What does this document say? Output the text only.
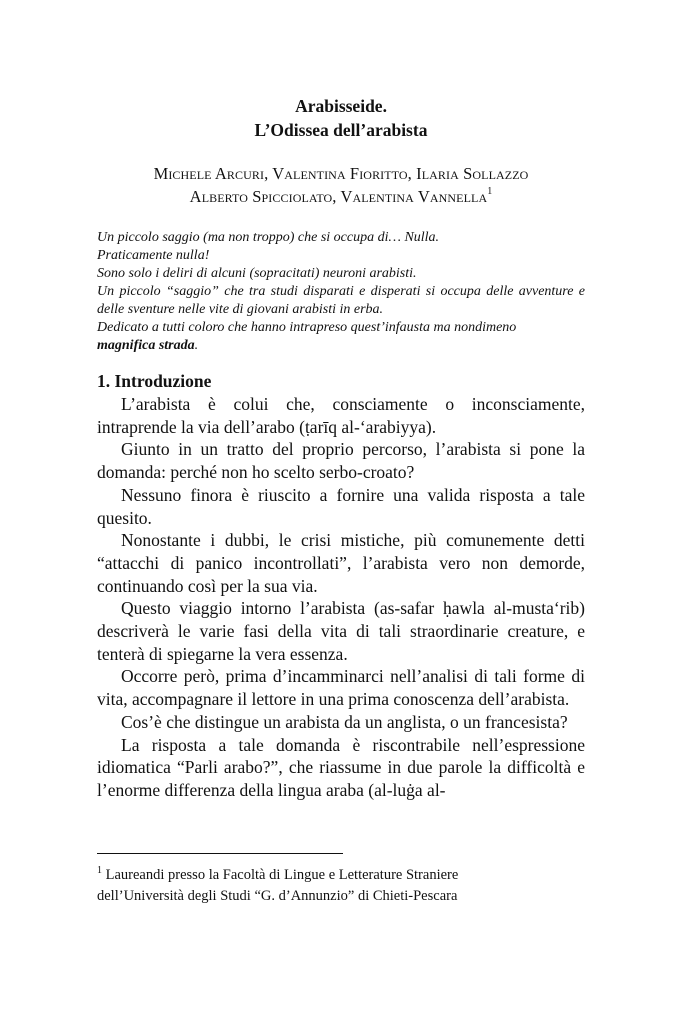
Arabisseide.
L’Odissea dell’arabista
Michele Arcuri, Valentina Fioritto, Ilaria Sollazzo
Alberto Spicciolato, Valentina Vannella$^1$
Un piccolo saggio (ma non troppo) che si occupa di… Nulla.
Praticamente nulla!
Sono solo i deliri di alcuni (sopracitati) neuroni arabisti.
Un piccolo “saggio” che tra studi disparati e disperati si occupa delle avventure e delle sventure nelle vite di giovani arabisti in erba.
Dedicato a tutti coloro che hanno intrapreso quest’infausta ma nondimeno
magnifica strada.
1. Introduzione

L’arabista è colui che, consciamente o inconsciamente, intraprende la via dell’arabo (ṭarīq al-‘arabiyya).

Giunto in un tratto del proprio percorso, l’arabista si pone la domanda: perché non ho scelto serbo-croato?

Nessuno finora è riuscito a fornire una valida risposta a tale quesito.

Nonostante i dubbi, le crisi mistiche, più comunemente detti “attacchi di panico incontrollati”, l’arabista vero non demorde, continuando così per la sua via.

Questo viaggio intorno l’arabista (as-safar ḥawla al-musta‘rib) descriverà le varie fasi della vita di tali straordinarie creature, e tenterà di spiegarne la vera essenza.

Occorre però, prima d’incamminarci nell’analisi di tali forme di vita, accompagnare il lettore in una prima conoscenza dell’arabista.

Cos’è che distingue un arabista da un anglista, o un francesista?

La risposta a tale domanda è riscontrabile nell’espressione idiomatica “Parli arabo?”, che riassume in due parole la difficoltà e l’enorme differenza della lingua araba (al-luġa al-

$^1$ Laureandi presso la Facoltà di Lingue e Letterature Straniere
dell’Università degli Studi “G. d’Annunzio” di Chieti-Pescara
